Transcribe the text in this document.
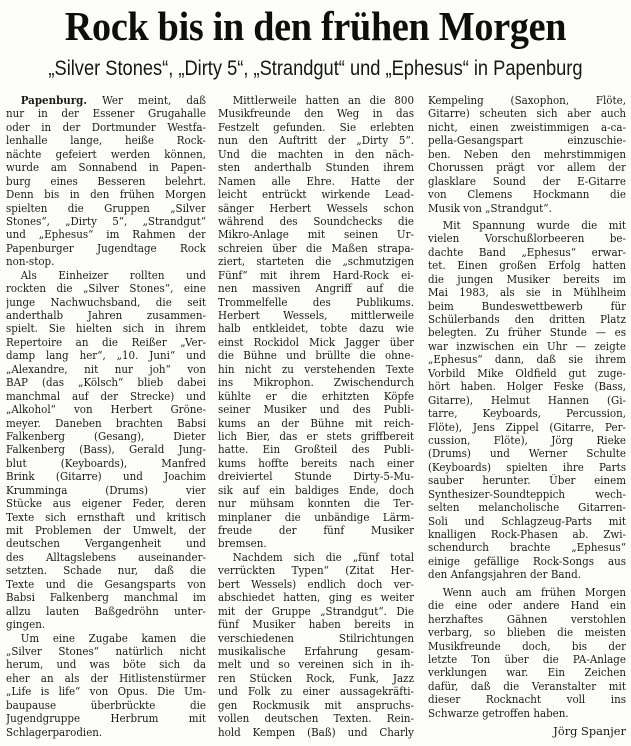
Rock bis in den frühen Morgen
„Silver Stones“, „Dirty 5“, „Strandgut“ und „Ephesus“ in Papenburg
Papenburg. Wer meint, daß
nur in der Essener Grugahalle
oder in der Dortmunder Westfa-
lenhalle lange, heiße Rock-
nächte gefeiert werden können,
wurde am Sonnabend in Papen-
burg eines Besseren belehrt.
Denn bis in den frühen Morgen
spielten die Gruppen „Silver
Stones“, „Dirty 5“, „Strandgut“
und „Ephesus“ im Rahmen der
Papenburger Jugendtage Rock
non-stop.
Als Einheizer rollten und
rockten die „Silver Stones“, eine
junge Nachwuchsband, die seit
anderthalb Jahren zusammen-
spielt. Sie hielten sich in ihrem
Repertoire an die Reißer „Ver-
damp lang her“, „10. Juni“ und
„Alexandre, nit nur joh“ von
BAP (das „Kölsch“ blieb dabei
manchmal auf der Strecke) und
„Alkohol“ von Herbert Gröne-
meyer. Daneben brachten Babsi
Falkenberg (Gesang), Dieter
Falkenberg (Bass), Gerald Jung-
blut (Keyboards), Manfred
Brink (Gitarre) und Joachim
Krumminga (Drums) vier
Stücke aus eigener Feder, deren
Texte sich ernsthaft und kritisch
mit Problemen der Umwelt, der
deutschen Vergangenheit und
des Alltagslebens auseinander-
setzten. Schade nur, daß die
Texte und die Gesangsparts von
Babsi Falkenberg manchmal im
allzu lauten Baßgedröhn unter-
gingen.
Um eine Zugabe kamen die
„Silver Stones“ natürlich nicht
herum, und was böte sich da
eher an als der Hitlistenstürmer
„Life is life“ von Opus. Die Um-
baupause überbrückte die
Jugendgruppe Herbrum mit
Schlagerparodien.
Mittlerweile hatten an die 800
Musikfreunde den Weg in das
Festzelt gefunden. Sie erlebten
nun den Auftritt der „Dirty 5“.
Und die machten in den näch-
sten anderthalb Stunden ihrem
Namen alle Ehre. Hatte der
leicht entrückt wirkende Lead-
sänger Herbert Wessels schon
während des Soundchecks die
Mikro-Anlage mit seinen Ur-
schreien über die Maßen strapa-
ziert, starteten die „schmutzigen
Fünf“ mit ihrem Hard-Rock ei-
nen massiven Angriff auf die
Trommelfelle des Publikums.
Herbert Wessels, mittlerweile
halb entkleidet, tobte dazu wie
einst Rockidol Mick Jagger über
die Bühne und brüllte die ohne-
hin nicht zu verstehenden Texte
ins Mikrophon. Zwischendurch
kühlte er die erhitzten Köpfe
seiner Musiker und des Publi-
kums an der Bühne mit reich-
lich Bier, das er stets griffbereit
hatte. Ein Großteil des Publi-
kums hoffte bereits nach einer
dreiviertel Stunde Dirty-5-Mu-
sik auf ein baldiges Ende, doch
nur mühsam konnten die Ter-
minplaner die unbändige Lärm-
freude der fünf Musiker
bremsen.
Nachdem sich die „fünf total
verrückten Typen“ (Zitat Her-
bert Wessels) endlich doch ver-
abschiedet hatten, ging es weiter
mit der Gruppe „Strandgut“. Die
fünf Musiker haben bereits in
verschiedenen Stilrichtungen
musikalische Erfahrung gesam-
melt und so vereinen sich in ih-
ren Stücken Rock, Funk, Jazz
und Folk zu einer aussagekräfti-
gen Rockmusik mit anspruchs-
vollen deutschen Texten. Rein-
hold Kempen (Baß) und Charly
Kempeling (Saxophon, Flöte,
Gitarre) scheuten sich aber auch
nicht, einen zweistimmigen a-ca-
pella-Gesangspart einzuschie-
ben. Neben den mehrstimmigen
Chorussen prägt vor allem der
glasklare Sound der E-Gitarre
von Clemens Hockmann die
Musik von „Strandgut“.
Mit Spannung wurde die mit
vielen Vorschußlorbeeren be-
dachte Band „Ephesus“ erwar-
tet. Einen großen Erfolg hatten
die jungen Musiker bereits im
Mai 1983, als sie in Mühlheim
beim Bundeswettbewerb für
Schülerbands den dritten Platz
belegten. Zu früher Stunde — es
war inzwischen ein Uhr — zeigte
„Ephesus“ dann, daß sie ihrem
Vorbild Mike Oldfield gut zuge-
hört haben. Holger Feske (Bass,
Gitarre), Helmut Hannen (Gi-
tarre, Keyboards, Percussion,
Flöte), Jens Zippel (Gitarre, Per-
cussion, Flöte), Jörg Rieke
(Drums) und Werner Schulte
(Keyboards) spielten ihre Parts
sauber herunter. Über einem
Synthesizer-Soundteppich wech-
selten melancholische Gitarren-
Soli und Schlagzeug-Parts mit
knalligen Rock-Phasen ab. Zwi-
schendurch brachte „Ephesus“
einige gefällige Rock-Songs aus
den Anfangsjahren der Band.
Wenn auch am frühen Morgen
die eine oder andere Hand ein
herzhaftes Gähnen verstohlen
verbarg, so blieben die meisten
Musikfreunde doch, bis der
letzte Ton über die PA-Anlage
verklungen war. Ein Zeichen
dafür, daß die Veranstalter mit
dieser Rocknacht voll ins
Schwarze getroffen haben.
Jörg Spanjer
